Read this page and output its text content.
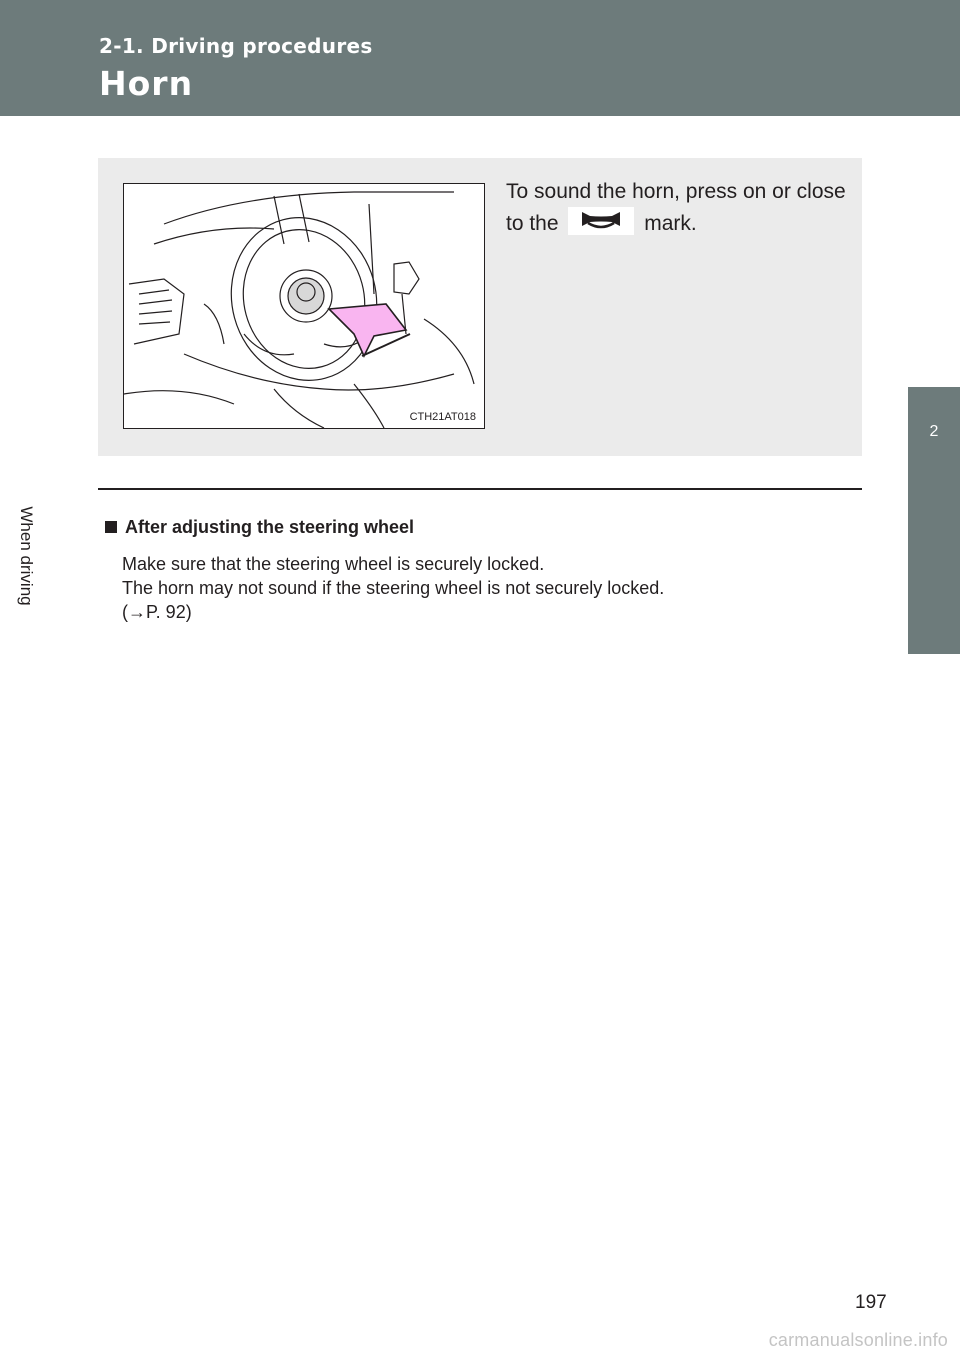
2-1. Driving procedures

Horn

2
When driving
CTH21AT018
To sound the horn, press on or close to the	mark.
After adjusting the steering wheel
Make sure that the steering wheel is securely locked.
The horn may not sound if the steering wheel is not securely locked.
(→P. 92)
197
carmanualsonline.info
